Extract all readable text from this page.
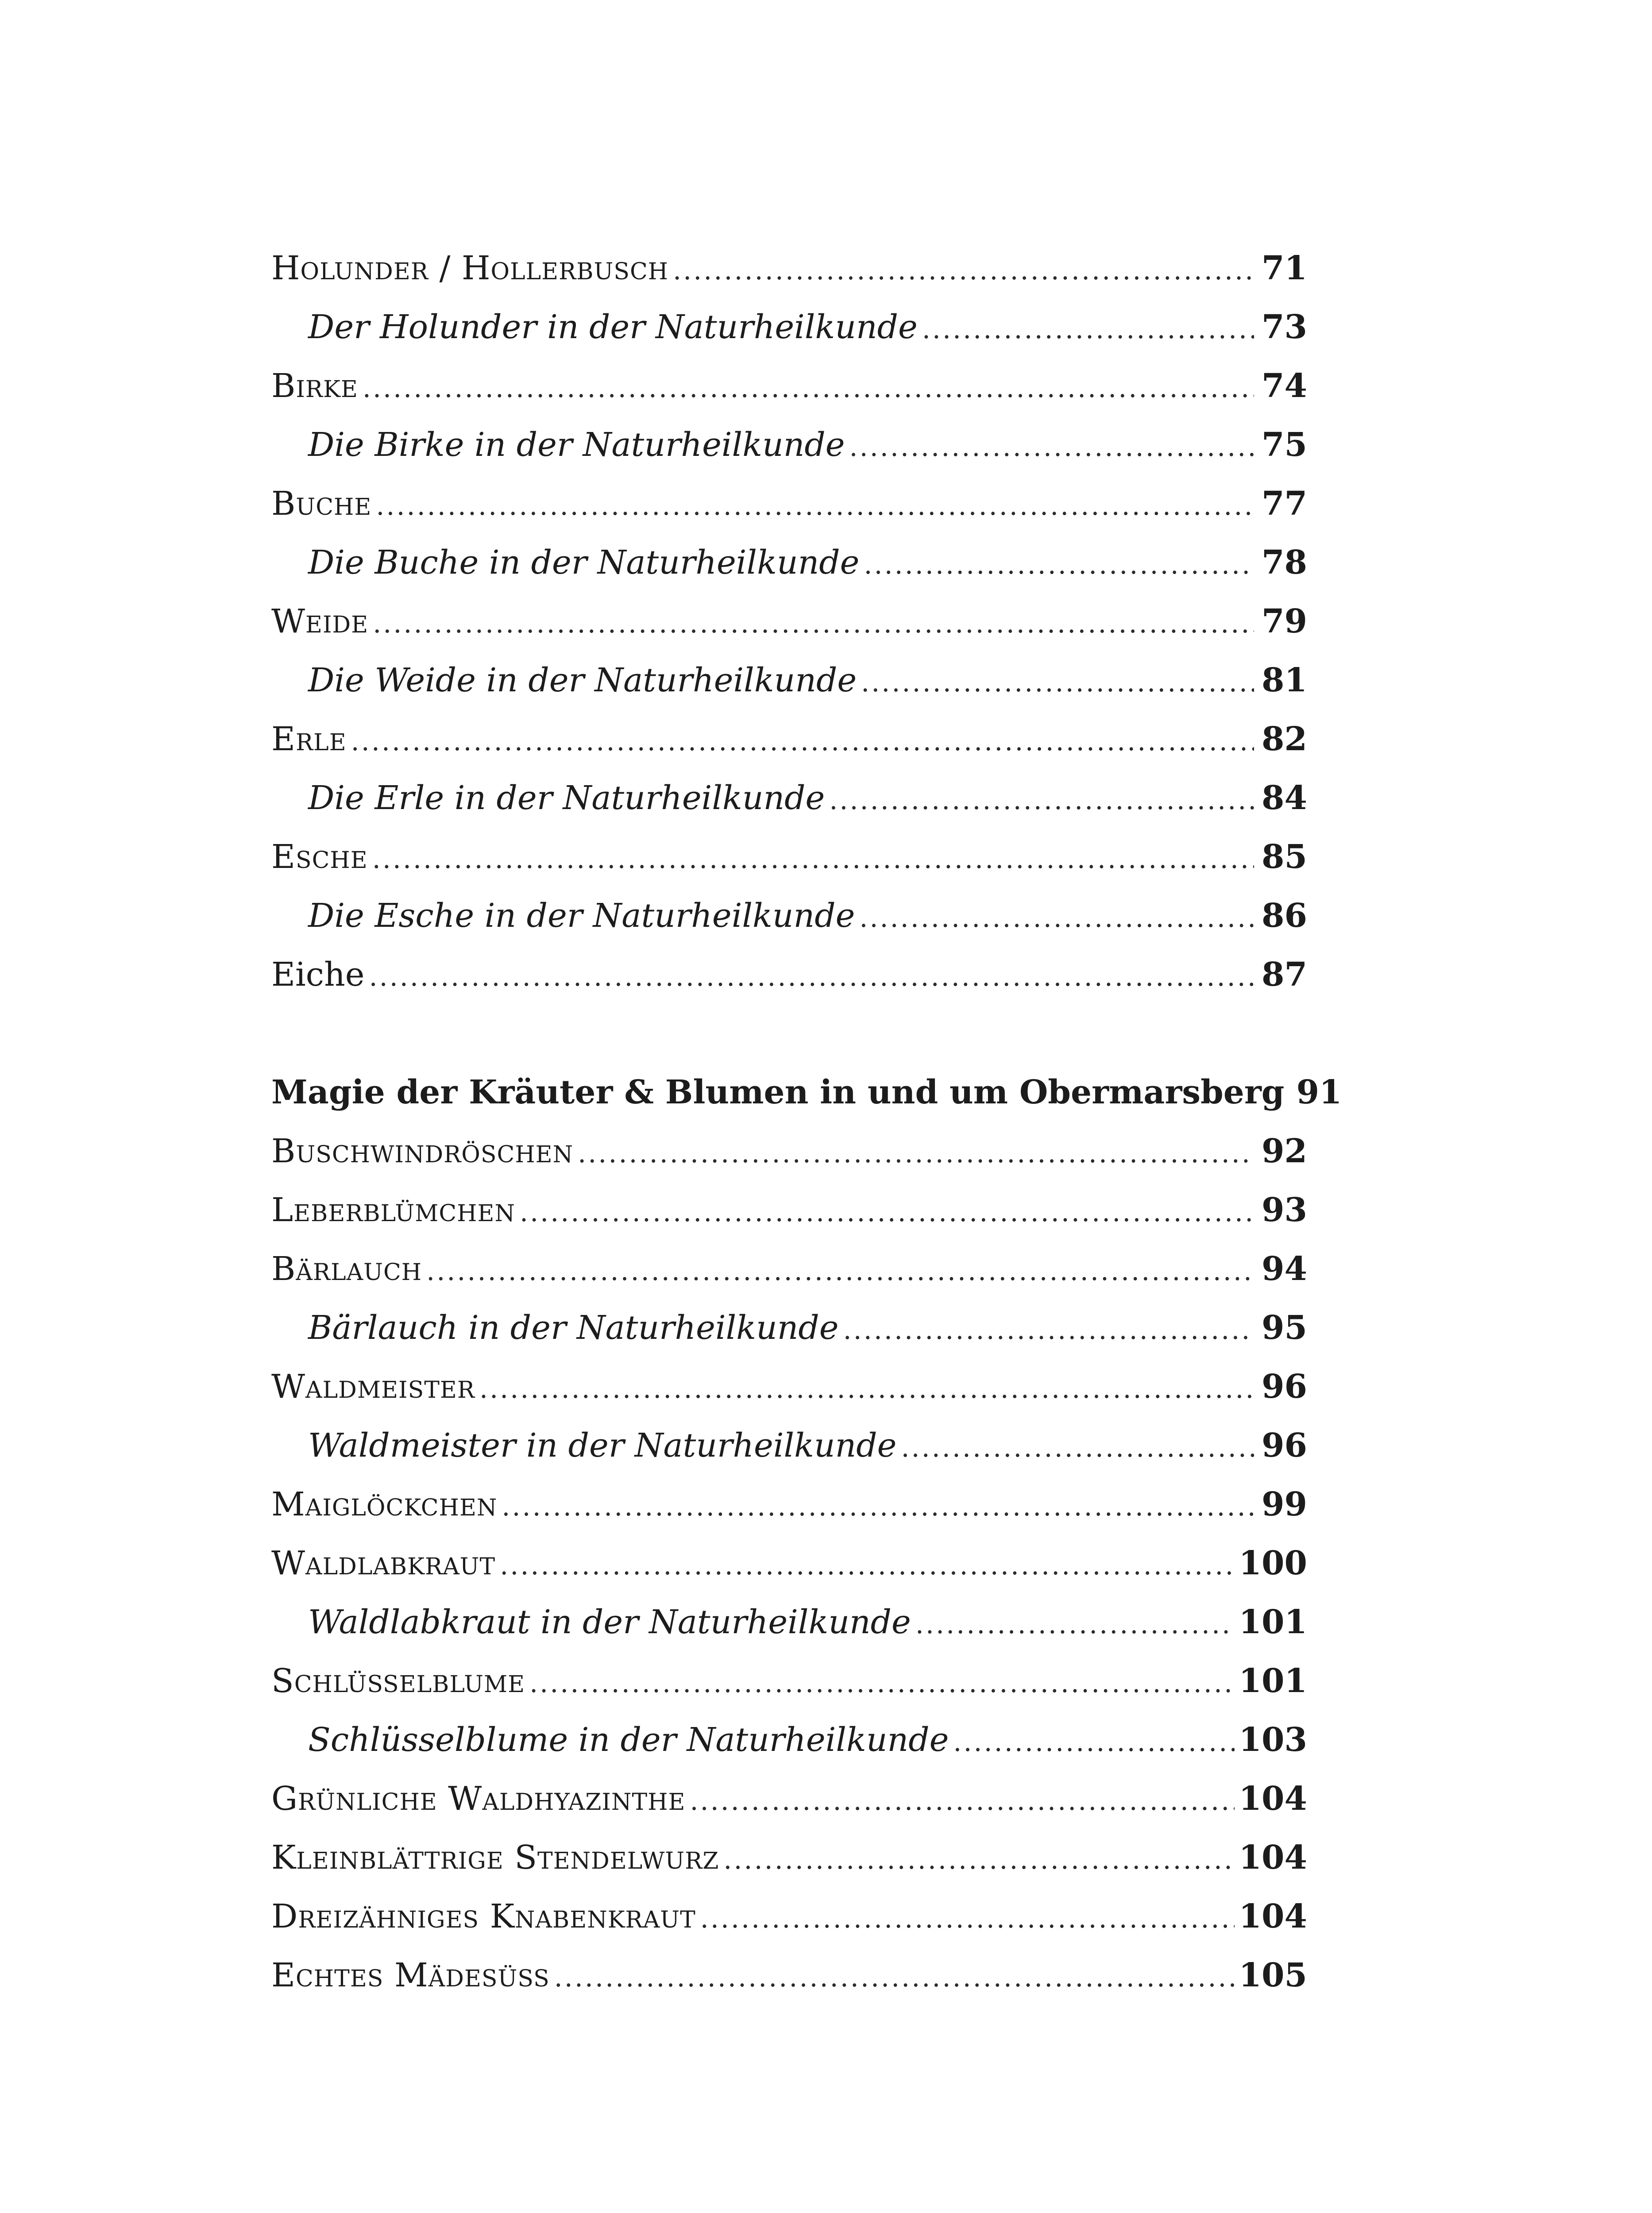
Holunder / Hollerbusch .....	71
Der Holunder in der Naturheilkunde .....	73
Birke .....	74
Die Birke in der Naturheilkunde .....	75
Buche .....	77
Die Buche in der Naturheilkunde .....	78
Weide .....	79
Die Weide in der Naturheilkunde .....	81
Erle .....	82
Die Erle in der Naturheilkunde .....	84
Esche .....	85
Die Esche in der Naturheilkunde .....	86
Eiche .....	87
Magie der Kräuter & Blumen in und um Obermarsberg 91
Buschwindröschen .....	92
Leberblümchen .....	93
Bärlauch .....	94
Bärlauch in der Naturheilkunde .....	95
Waldmeister .....	96
Waldmeister in der Naturheilkunde .....	96
Maiglöckchen .....	99
Waldlabkraut .....	100
Waldlabkraut in der Naturheilkunde .....	101
Schlüsselblume .....	101
Schlüsselblume in der Naturheilkunde .....	103
Grünliche Waldhyazinthe .....	104
Kleinblättrige Stendelwurz .....	104
Dreizähniges Knabenkraut .....	104
Echtes Mädesüss .....	105
